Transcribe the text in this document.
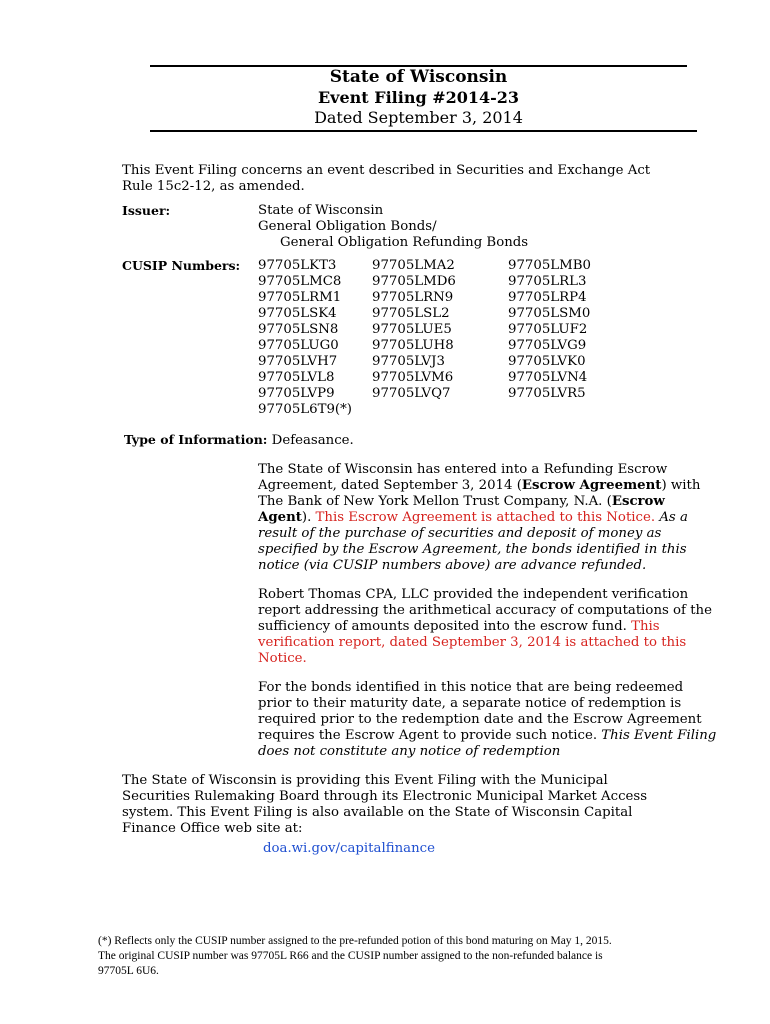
State of Wisconsin
Event Filing #2014-23
Dated September 3, 2014
This Event Filing concerns an event described in Securities and Exchange Act
Rule 15c2-12, as amended.
Issuer:	State of Wisconsin
General Obligation Bonds/
General Obligation Refunding Bonds
CUSIP Numbers: 97705LKT3
97705LMC8
97705LRM1
97705LSK4
97705LSN8
97705LUG0
97705LVH7
97705LVL8
97705LVP9
97705L6T9(*)
97705LMA2
97705LMD6
97705LRN9
97705LSL2
97705LUE5
97705LUH8
97705LVJ3
97705LVM6
97705LVQ7
97705LMB0
97705LRL3
97705LRP4
97705LSM0
97705LUF2
97705LVG9
97705LVK0
97705LVN4
97705LVR5
Type of Information: Defeasance.
The State of Wisconsin has entered into a Refunding Escrow
Agreement, dated September 3, 2014 (Escrow Agreement) with
The Bank of New York Mellon Trust Company, N.A. (Escrow
Agent). This Escrow Agreement is attached to this Notice. As a
result of the purchase of securities and deposit of money as
specified by the Escrow Agreement, the bonds identified in this
notice (via CUSIP numbers above) are advance refunded.
Robert Thomas CPA, LLC provided the independent verification
report addressing the arithmetical accuracy of computations of the
sufficiency of amounts deposited into the escrow fund. This
verification report, dated September 3, 2014 is attached to this
Notice.
For the bonds identified in this notice that are being redeemed
prior to their maturity date, a separate notice of redemption is
required prior to the redemption date and the Escrow Agreement
requires the Escrow Agent to provide such notice. This Event Filing
does not constitute any notice of redemption
The State of Wisconsin is providing this Event Filing with the Municipal
Securities Rulemaking Board through its Electronic Municipal Market Access
system. This Event Filing is also available on the State of Wisconsin Capital
Finance Office web site at:
doa.wi.gov/capitalfinance
(*) Reflects only the CUSIP number assigned to the pre-refunded potion of this bond maturing on May 1, 2015.
The original CUSIP number was 97705L R66 and the CUSIP number assigned to the non-refunded balance is
97705L 6U6.
